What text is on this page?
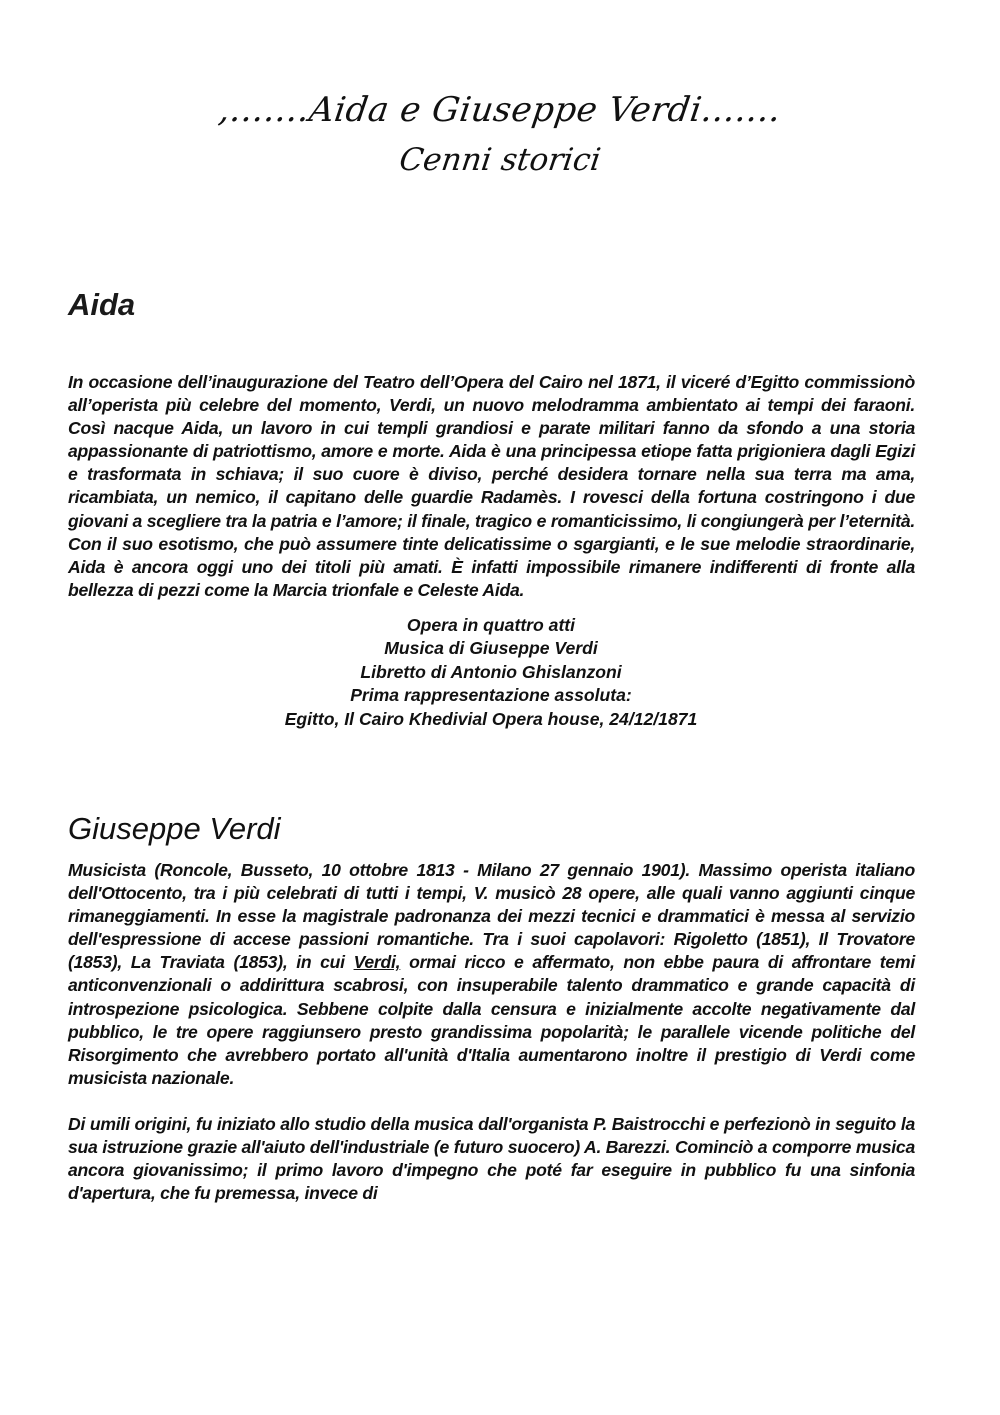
,.......Aida e Giuseppe Verdi.......
Cenni storici
Aida

In occasione dell’inaugurazione del Teatro dell’Opera del Cairo nel 1871, il viceré d’Egitto commissionò all’operista più celebre del momento, Verdi, un nuovo melodramma ambientato ai tempi dei faraoni. Così nacque Aida, un lavoro in cui templi grandiosi e parate militari fanno da sfondo a una storia appassionante di patriottismo, amore e morte. Aida è una principessa etiope fatta prigioniera dagli Egizi e trasformata in schiava; il suo cuore è diviso, perché desidera tornare nella sua terra ma ama, ricambiata, un nemico, il capitano delle guardie Radamès. I rovesci della fortuna costringono i due giovani a scegliere tra la patria e l’amore; il finale, tragico e romanticissimo, li congiungerà per l’eternità. Con il suo esotismo, che può assumere tinte delicatissime o sgargianti, e le sue melodie straordinarie, Aida è ancora oggi uno dei titoli più amati. È infatti impossibile rimanere indifferenti di fronte alla bellezza di pezzi come la Marcia trionfale e Celeste Aida.

Opera in quattro atti
Musica di Giuseppe Verdi
Libretto di Antonio Ghislanzoni
Prima rappresentazione assoluta:
Egitto, Il Cairo Khedivial Opera house, 24/12/1871
Giuseppe Verdi

Musicista (Roncole, Busseto, 10 ottobre 1813 - Milano 27 gennaio 1901). Massimo operista italiano dell'Ottocento, tra i più celebrati di tutti i tempi, V. musicò 28 opere, alle quali vanno aggiunti cinque rimaneggiamenti. In esse la magistrale padronanza dei mezzi tecnici e drammatici è messa al servizio dell'espressione di accese passioni romantiche. Tra i suoi capolavori: Rigoletto (1851), Il Trovatore (1853), La Traviata (1853), in cui Verdi, ormai ricco e affermato, non ebbe paura di affrontare temi anticonvenzionali o addirittura scabrosi, con insuperabile talento drammatico e grande capacità di introspezione psicologica. Sebbene colpite dalla censura e inizialmente accolte negativamente dal pubblico, le tre opere raggiunsero presto grandissima popolarità; le parallele vicende politiche del Risorgimento che avrebbero portato all'unità d'Italia aumentarono inoltre il prestigio di Verdi come musicista nazionale.

Di umili origini, fu iniziato allo studio della musica dall'organista P. Baistrocchi e perfezionò in seguito la sua istruzione grazie all'aiuto dell'industriale (e futuro suocero) A. Barezzi. Cominciò a comporre musica ancora giovanissimo; il primo lavoro d'impegno che poté far eseguire in pubblico fu una sinfonia d'apertura, che fu premessa, invece di
